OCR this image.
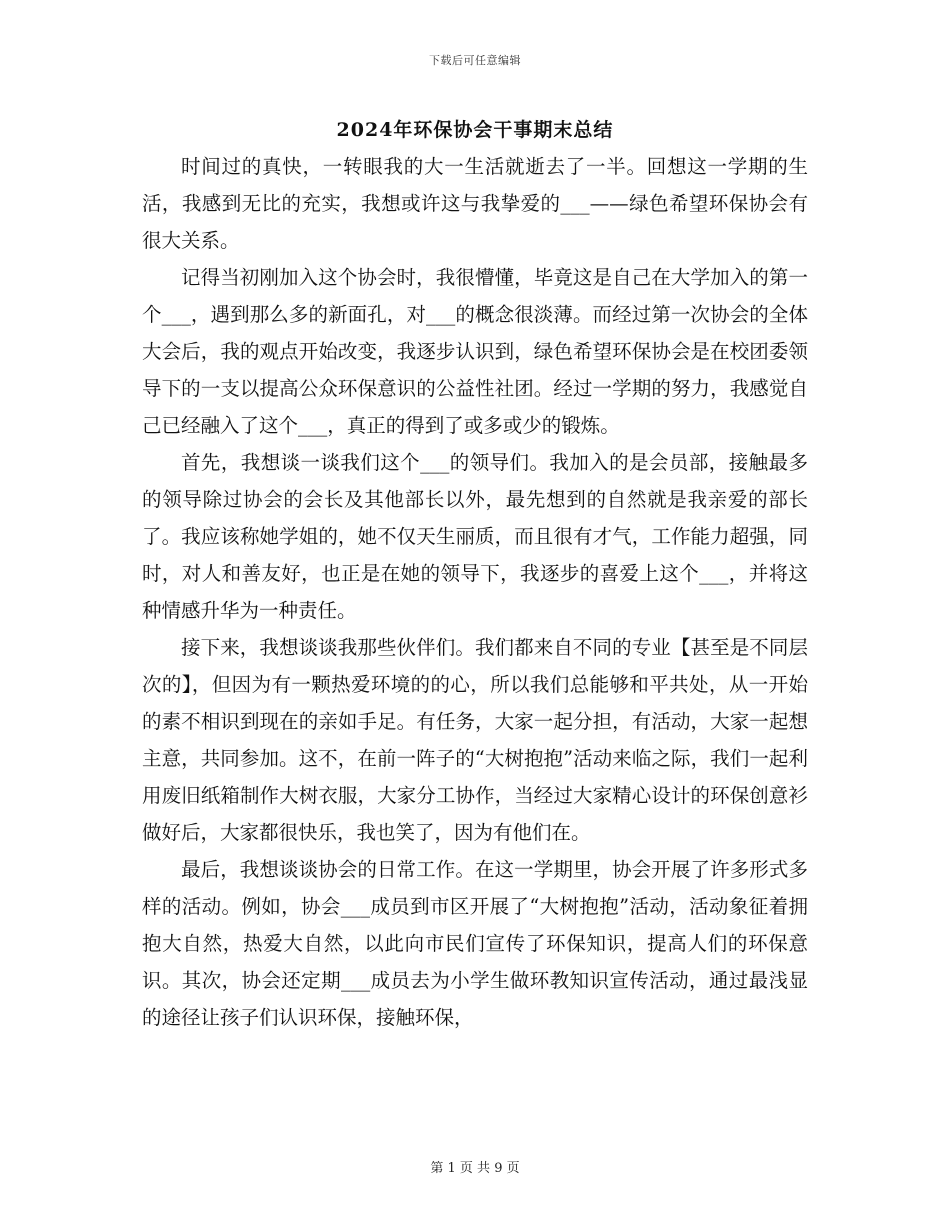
下载后可任意编辑
2024年环保协会干事期末总结

时间过的真快，一转眼我的大一生活就逝去了一半。回想这一学期的生活，我感到无比的充实，我想或许这与我挚爱的___——绿色希望环保协会有很大关系。

记得当初刚加入这个协会时，我很懵懂，毕竟这是自己在大学加入的第一个___，遇到那么多的新面孔，对___的概念很淡薄。而经过第一次协会的全体大会后，我的观点开始改变，我逐步认识到，绿色希望环保协会是在校团委领导下的一支以提高公众环保意识的公益性社团。经过一学期的努力，我感觉自己已经融入了这个___，真正的得到了或多或少的锻炼。

首先，我想谈一谈我们这个___的领导们。我加入的是会员部，接触最多的领导除过协会的会长及其他部长以外，最先想到的自然就是我亲爱的部长了。我应该称她学姐的，她不仅天生丽质，而且很有才气，工作能力超强，同时，对人和善友好，也正是在她的领导下，我逐步的喜爱上这个___，并将这种情感升华为一种责任。

接下来，我想谈谈我那些伙伴们。我们都来自不同的专业【甚至是不同层次的】，但因为有一颗热爱环境的的心，所以我们总能够和平共处，从一开始的素不相识到现在的亲如手足。有任务，大家一起分担，有活动，大家一起想主意，共同参加。这不，在前一阵子的“大树抱抱”活动来临之际，我们一起利用废旧纸箱制作大树衣服，大家分工协作，当经过大家精心设计的环保创意衫做好后，大家都很快乐，我也笑了，因为有他们在。

最后，我想谈谈协会的日常工作。在这一学期里，协会开展了许多形式多样的活动。例如，协会___成员到市区开展了“大树抱抱”活动，活动象征着拥抱大自然，热爱大自然，以此向市民们宣传了环保知识，提高人们的环保意识。其次，协会还定期___成员去为小学生做环教知识宣传活动，通过最浅显的途径让孩子们认识环保，接触环保，

第 1 页 共 9 页
